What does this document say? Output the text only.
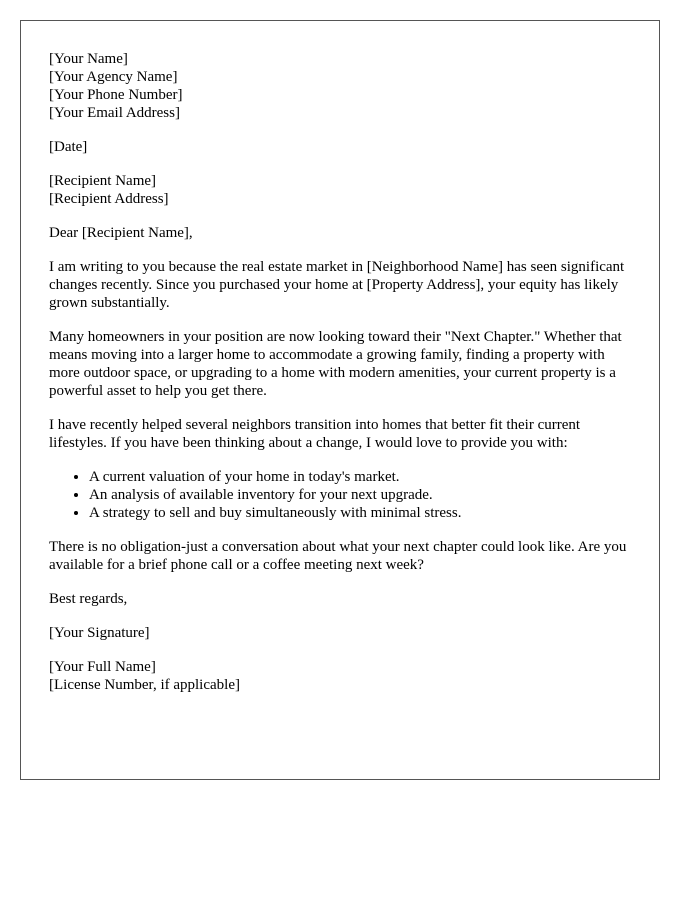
[Your Name]
[Your Agency Name]
[Your Phone Number]
[Your Email Address]
[Date]
[Recipient Name]
[Recipient Address]

Dear [Recipient Name],

I am writing to you because the real estate market in [Neighborhood Name] has seen significant changes recently. Since you purchased your home at [Property Address], your equity has likely grown substantially.

Many homeowners in your position are now looking toward their "Next Chapter." Whether that means moving into a larger home to accommodate a growing family, finding a property with more outdoor space, or upgrading to a home with modern amenities, your current property is a powerful asset to help you get there.

I have recently helped several neighbors transition into homes that better fit their current lifestyles. If you have been thinking about a change, I would love to provide you with:

• A current valuation of your home in today's market.
• An analysis of available inventory for your next upgrade.
• A strategy to sell and buy simultaneously with minimal stress.

There is no obligation-just a conversation about what your next chapter could look like. Are you available for a brief phone call or a coffee meeting next week?

Best regards,

[Your Signature]

[Your Full Name]
[License Number, if applicable]
